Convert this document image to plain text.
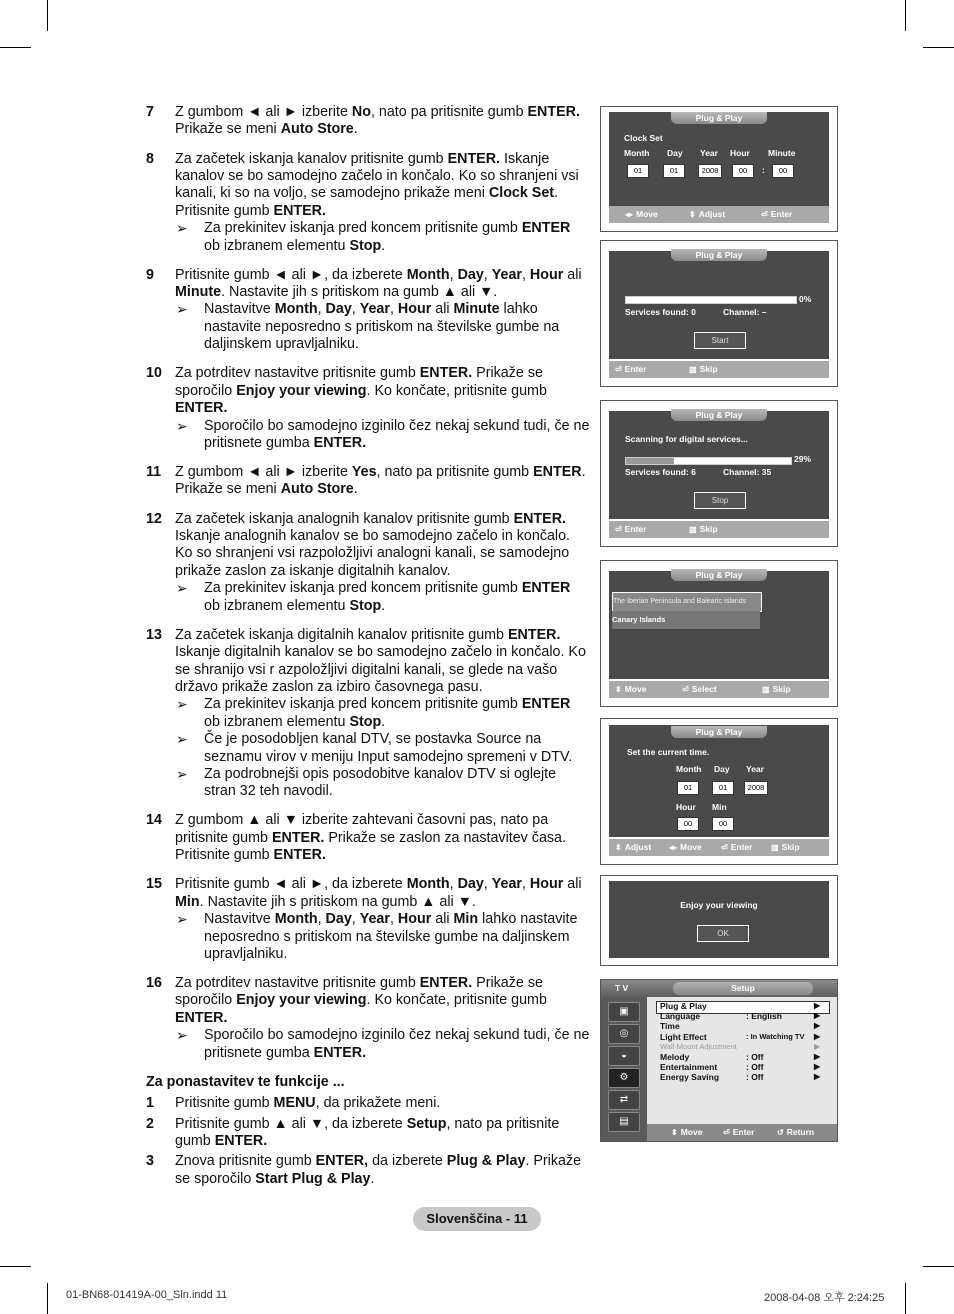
7 Z gumbom ◄ ali ► izberite No, nato pa pritisnite gumb ENTER. Prikaže se meni Auto Store.
8 Za začetek iskanja kanalov pritisnite gumb ENTER. Iskanje kanalov se bo samodejno začelo in končalo. Ko so shranjeni vsi kanali, ki so na voljo, se samodejno prikaže meni Clock Set. Pritisnite gumb ENTER.
➢ Za prekinitev iskanja pred koncem pritisnite gumb ENTER ob izbranem elementu Stop.
9 Pritisnite gumb ◄ ali ►, da izberete Month, Day, Year, Hour ali Minute. Nastavite jih s pritiskom na gumb ▲ ali ▼.
➢ Nastavitve Month, Day, Year, Hour ali Minute lahko nastavite neposredno s pritiskom na številske gumbe na daljinskem upravljalniku.
10 Za potrditev nastavitve pritisnite gumb ENTER. Prikaže se sporočilo Enjoy your viewing. Ko končate, pritisnite gumb ENTER.
➢ Sporočilo bo samodejno izginilo čez nekaj sekund tudi, če ne pritisnete gumba ENTER.
11 Z gumbom ◄ ali ► izberite Yes, nato pa pritisnite gumb ENTER. Prikaže se meni Auto Store.
12 Za začetek iskanja analognih kanalov pritisnite gumb ENTER. Iskanje analognih kanalov se bo samodejno začelo in končalo. Ko so shranjeni vsi razpoložljivi analogni kanali, se samodejno prikaže zaslon za iskanje digitalnih kanalov.
➢ Za prekinitev iskanja pred koncem pritisnite gumb ENTER ob izbranem elementu Stop.
13 Za začetek iskanja digitalnih kanalov pritisnite gumb ENTER. Iskanje digitalnih kanalov se bo samodejno začelo in končalo. Ko se shranijo vsi r azpoložljivi digitalni kanali, se glede na vašo državo prikaže zaslon za izbiro časovnega pasu.
➢ Za prekinitev iskanja pred koncem pritisnite gumb ENTER ob izbranem elementu Stop.
➢ Če je posodobljen kanal DTV, se postavka Source na seznamu virov v meniju Input samodejno spremeni v DTV.
➢ Za podrobnejši opis posodobitve kanalov DTV si oglejte stran 32 teh navodil.
14 Z gumbom ▲ ali ▼ izberite zahtevani časovni pas, nato pa pritisnite gumb ENTER. Prikaže se zaslon za nastavitev časa. Pritisnite gumb ENTER.
15 Pritisnite gumb ◄ ali ►, da izberete Month, Day, Year, Hour ali Min. Nastavite jih s pritiskom na gumb ▲ ali ▼.
➢ Nastavitve Month, Day, Year, Hour ali Min lahko nastavite neposredno s pritiskom na številske gumbe na daljinskem upravljalniku.
16 Za potrditev nastavitve pritisnite gumb ENTER. Prikaže se sporočilo Enjoy your viewing. Ko končate, pritisnite gumb ENTER.
➢ Sporočilo bo samodejno izginilo čez nekaj sekund tudi, če ne pritisnete gumba ENTER.
Za ponastavitev te funkcije ...
1 Pritisnite gumb MENU, da prikažete meni.
2 Pritisnite gumb ▲ ali ▼, da izberete Setup, nato pa pritisnite gumb ENTER.
3 Znova pritisnite gumb ENTER, da izberete Plug & Play. Prikaže se sporočilo Start Plug & Play.
Plug & Play
Clock Set
Month Day Year Hour Minute
01	01	2008	00	:	00
◂▸ Move	⬍ Adjust	⏎ Enter
Plug & Play
0%
Services found: 0	Channel: –
Start
⏎ Enter	▥ Skip
Plug & Play
Scanning for digital services...
29%
Services found: 6	Channel: 35
Stop
⏎ Enter	▥ Skip
Plug & Play
The Iberian Peninsula and Balearic Islands
Canary Islands
⬍ Move	⏎ Select	▥ Skip
Plug & Play
Set the current time.
Month Day Year
01	01	2008
Hour Min
00	00
⬍ Adjust ◂▸ Move ⏎ Enter ▥ Skip
Enjoy your viewing
OK
T V	Setup
▣
◎
◒
⚙
⇄
▤
⬍ Move	⏎ Enter	↺ Return
Plug & Play	▶
Language	: English	▶
Time	▶
Light Effect	: In Watching TV ▶
Wall-Mount Adjustment	▶
Melody	: Off	▶
Entertainment	: Off	▶
Energy Saving	: Off	▶
Slovenščina - 11
01-BN68-01419A-00_Sln.indd 11	2008-04-08 오후 2:24:25
